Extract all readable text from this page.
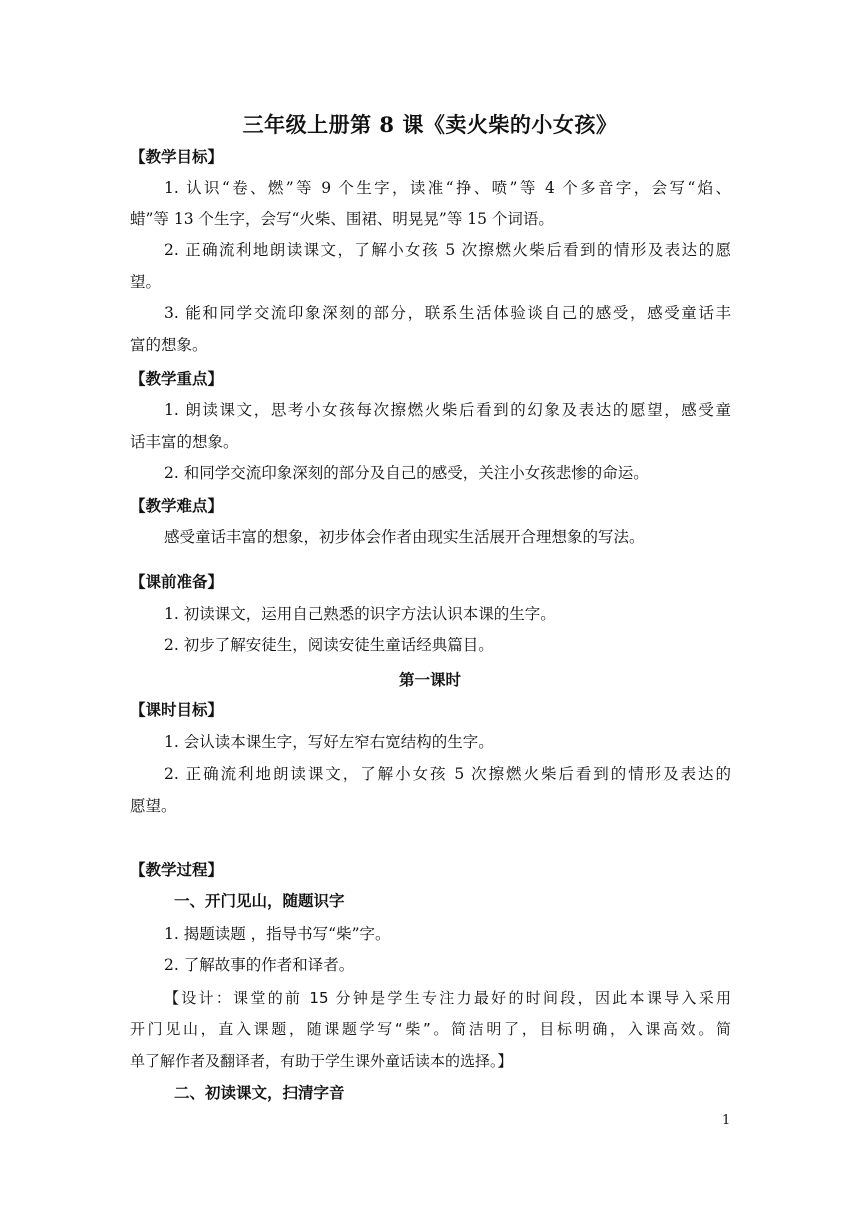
三年级上册第 8 课《卖火柴的小女孩》
【教学目标】
1. 认识“卷、燃”等 9 个生字，读准“挣、喷”等 4 个多音字，会写“焰、
蜡”等 13 个生字，会写“火柴、围裙、明晃晃”等 15 个词语。
2. 正确流利地朗读课文，了解小女孩 5 次擦燃火柴后看到的情形及表达的愿
望。
3. 能和同学交流印象深刻的部分，联系生活体验谈自己的感受，感受童话丰
富的想象。
【教学重点】
1. 朗读课文，思考小女孩每次擦燃火柴后看到的幻象及表达的愿望，感受童
话丰富的想象。
2. 和同学交流印象深刻的部分及自己的感受，关注小女孩悲惨的命运。
【教学难点】
感受童话丰富的想象，初步体会作者由现实生活展开合理想象的写法。
【课前准备】
1. 初读课文，运用自己熟悉的识字方法认识本课的生字。
2. 初步了解安徒生，阅读安徒生童话经典篇目。
第一课时
【课时目标】
1. 会认读本课生字，写好左窄右宽结构的生字。
2. 正确流利地朗读课文，了解小女孩 5 次擦燃火柴后看到的情形及表达的
愿望。
【教学过程】
一、开门见山，随题识字
1. 揭题读题 ，指导书写“柴”字。
2. 了解故事的作者和译者。
【设计：课堂的前 15 分钟是学生专注力最好的时间段，因此本课导入采用
开门见山，直入课题，随课题学写“柴”。简洁明了，目标明确，入课高效。简
单了解作者及翻译者，有助于学生课外童话读本的选择。】
二、初读课文，扫清字音
1
